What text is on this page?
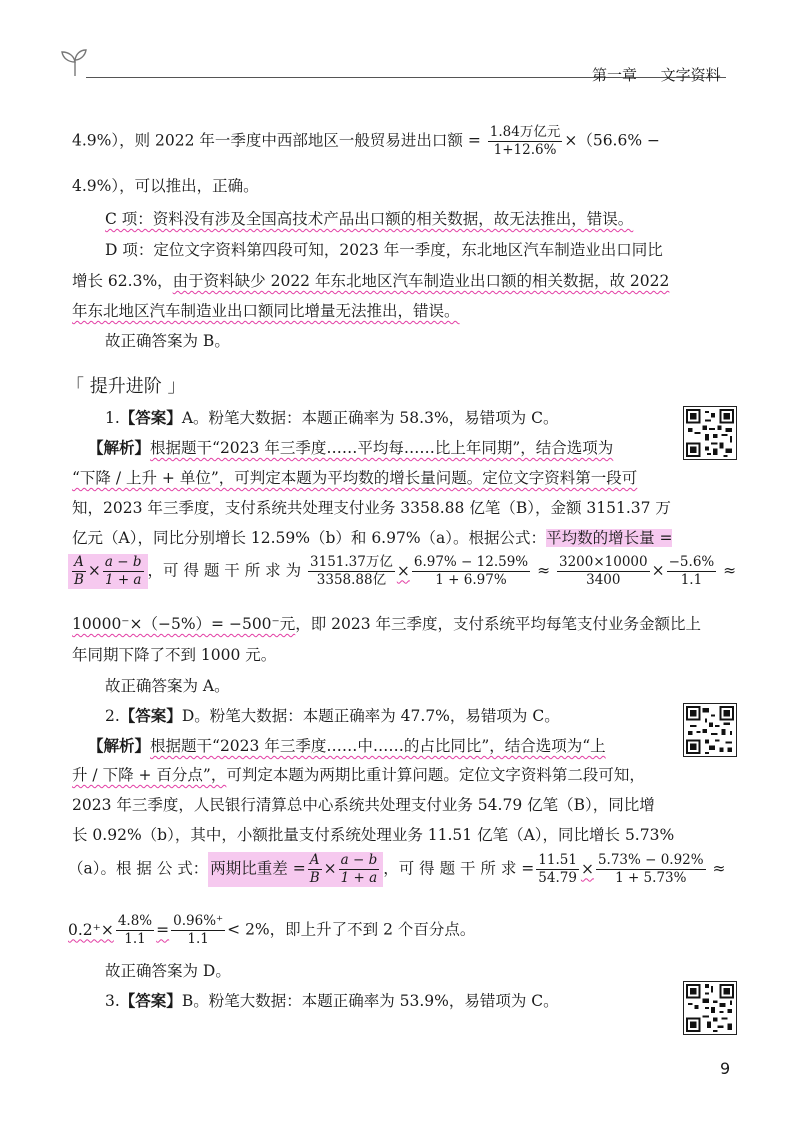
第一章 文字资料
4.9%），则 2022 年一季度中西部地区一般贸易进出口额 = $\frac{\text{1.84万亿元}}{1+12.6\%} \times(56.6\%$ −
4.9%），可以推出，正确。
C 项：资料没有涉及全国高技术产品出口额的相关数据，故无法推出，错误。
D 项：定位文字资料第四段可知，2023 年一季度，东北地区汽车制造业出口同比
增长 62.3%，由于资料缺少 2022 年东北地区汽车制造业出口额的相关数据，故 2022
年东北地区汽车制造业出口额同比增量无法推出，错误。
故正确答案为 B。
「 提升进阶 」
1.【答案】A。粉笔大数据：本题正确率为 58.3%，易错项为 C。
【解析】根据题干“2023 年三季度……平均每……比上年同期”，结合选项为
“下降 / 上升 + 单位”，可判定本题为平均数的增长量问题。定位文字资料第一段可
知，2023 年三季度，支付系统共处理支付业务 3358.88 亿笔（B），金额 3151.37 万
亿元（A），同比分别增长 12.59%（b）和 6.97%（a）。根据公式：平均数的增长量 =
$\frac{A}{B} \times \frac{a - b}{1 + a}$ ，可 得 题 干 所 求 为 $\frac{\text{3151.37万亿}}{\text{3358.88亿}} \times \frac{6.97\% - 12.59\%}{1 + 6.97\%} \approx \frac{3200\times 10000}{3400} \times \frac{-5.6\%}{1.1}$ ≈
10000⁻×（−5%）= −500⁻元，即 2023 年三季度，支付系统平均每笔支付业务金额比上
年同期下降了不到 1000 元。
故正确答案为 A。
2.【答案】D。粉笔大数据：本题正确率为 47.7%，易错项为 C。
【解析】根据题干“2023 年三季度……中……的占比同比”，结合选项为“上
升 / 下降 + 百分点”，可判定本题为两期比重计算问题。定位文字资料第二段可知，
2023 年三季度，人民银行清算总中心系统共处理支付业务 54.79 亿笔（B），同比增
长 0.92%（b），其中，小额批量支付系统处理业务 11.51 亿笔（A），同比增长 5.73%
（a）。根 据 公 式： 两期比重差 = $\frac{A}{B} \times \frac{a - b}{1 + a}$ ，可 得 题 干 所 求 = $\frac{11.51}{54.79} \times \frac{5.73\% - 0.92\%}{1 + 5.73\%}$ ≈
$0.2^+\times \frac{4.8\%}{1.1} = \frac{0.96\%^+}{1.1} < 2\%$，即上升了不到 2 个百分点。
故正确答案为 D。
3.【答案】B。粉笔大数据：本题正确率为 53.9%，易错项为 C。
9
